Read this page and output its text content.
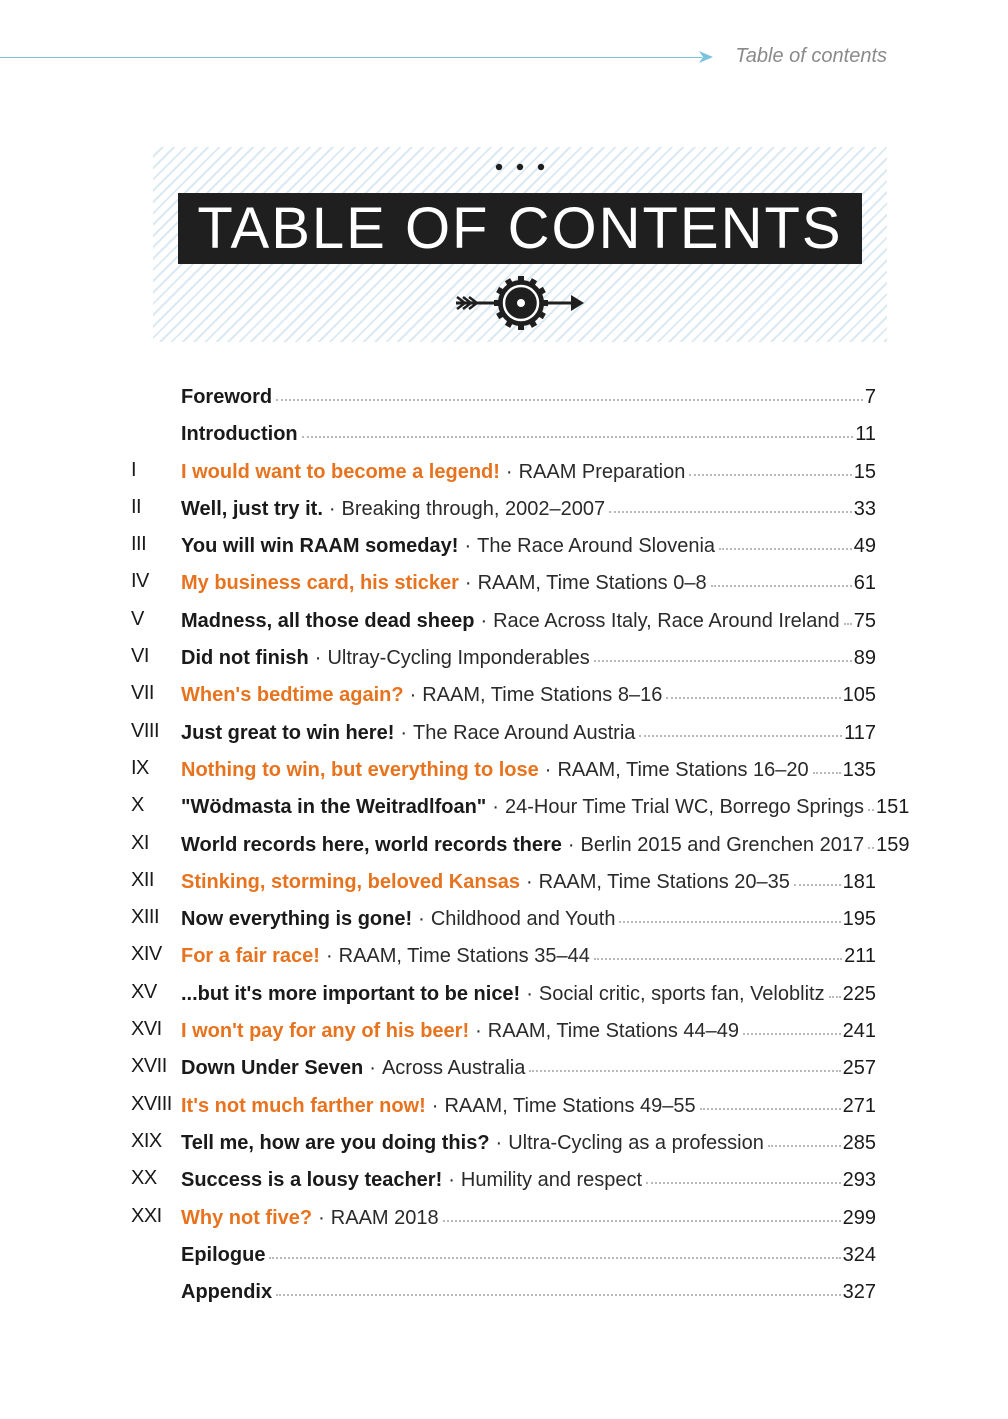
Table of contents
TABLE OF CONTENTS
Foreword	7
Introduction	11
I I would want to become a legend! · RAAM Preparation	15
II Well, just try it. · Breaking through, 2002–2007	33
III You will win RAAM someday! · The Race Around Slovenia	49
IV My business card, his sticker · RAAM, Time Stations 0–8	61
V Madness, all those dead sheep · Race Across Italy, Race Around Ireland 75
VI Did not finish · Ultray-Cycling Imponderables	89
VII When's bedtime again? · RAAM, Time Stations 8–16	105
VIII Just great to win here! · The Race Around Austria	117
IX Nothing to win, but everything to lose · RAAM, Time Stations 16–20 135
X "Wödmasta in the Weitradlfoan" · 24-Hour Time Trial WC, Borrego Springs 151
XI World records here, world records there · Berlin 2015 and Grenchen 2017 159
XII Stinking, storming, beloved Kansas · RAAM, Time Stations 20–35	181
XIII Now everything is gone! · Childhood and Youth	195
XIV For a fair race! · RAAM, Time Stations 35–44	211
XV ...but it's more important to be nice! · Social critic, sports fan, Veloblitz 225
XVI I won't pay for any of his beer! · RAAM, Time Stations 44–49	241
XVII Down Under Seven · Across Australia	257
XVIII It's not much farther now! · RAAM, Time Stations 49–55	271
XIX Tell me, how are you doing this? · Ultra-Cycling as a profession	285
XX Success is a lousy teacher! · Humility and respect	293
XXI Why not five? · RAAM 2018	299
Epilogue	324
Appendix	327
